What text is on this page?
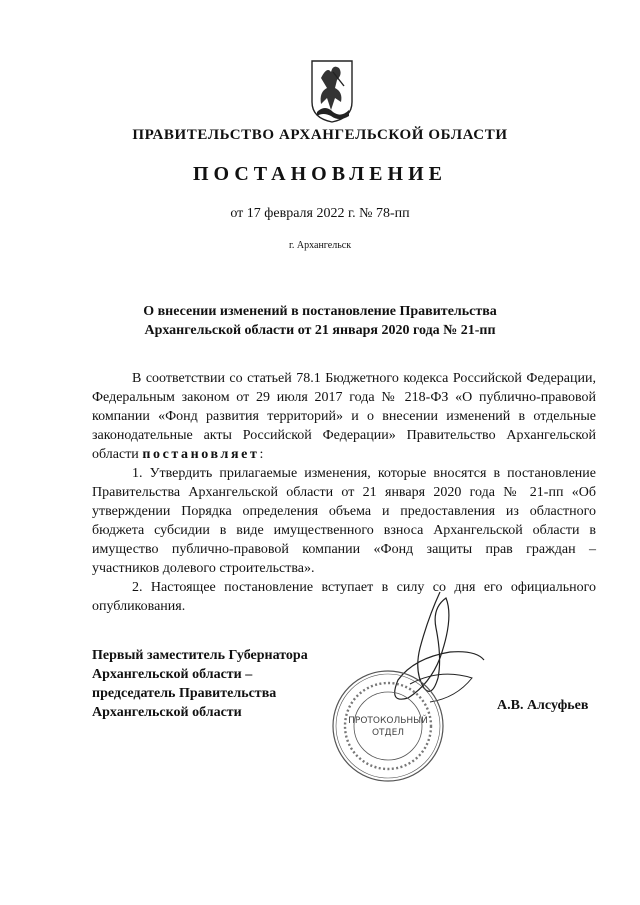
ПРАВИТЕЛЬСТВО АРХАНГЕЛЬСКОЙ ОБЛАСТИ
ПОСТАНОВЛЕНИЕ
от 17 февраля 2022 г. № 78-пп
г. Архангельск
О внесении изменений в постановление Правительства
Архангельской области от 21 января 2020 года № 21-пп

В соответствии со статьей 78.1 Бюджетного кодекса Российской Федерации, Федеральным законом от 29 июля 2017 года № 218-ФЗ «О публично-правовой компании «Фонд развития территорий» и о внесении изменений в отдельные законодательные акты Российской Федерации» Правительство Архангельской области постановляет:

1. Утвердить прилагаемые изменения, которые вносятся в постановление Правительства Архангельской области от 21 января 2020 года № 21-пп «Об утверждении Порядка определения объема и предоставления из областного бюджета субсидии в виде имущественного взноса Архангельской области в имущество публично-правовой компании «Фонд защиты прав граждан – участников долевого строительства».

2. Настоящее постановление вступает в силу со дня его официального опубликования.

Первый заместитель Губернатора
Архангельской области –
председатель Правительства
Архангельской области
ПРОТОКОЛЬНЫЙ
ОТДЕЛ
А.В. Алсуфьев
